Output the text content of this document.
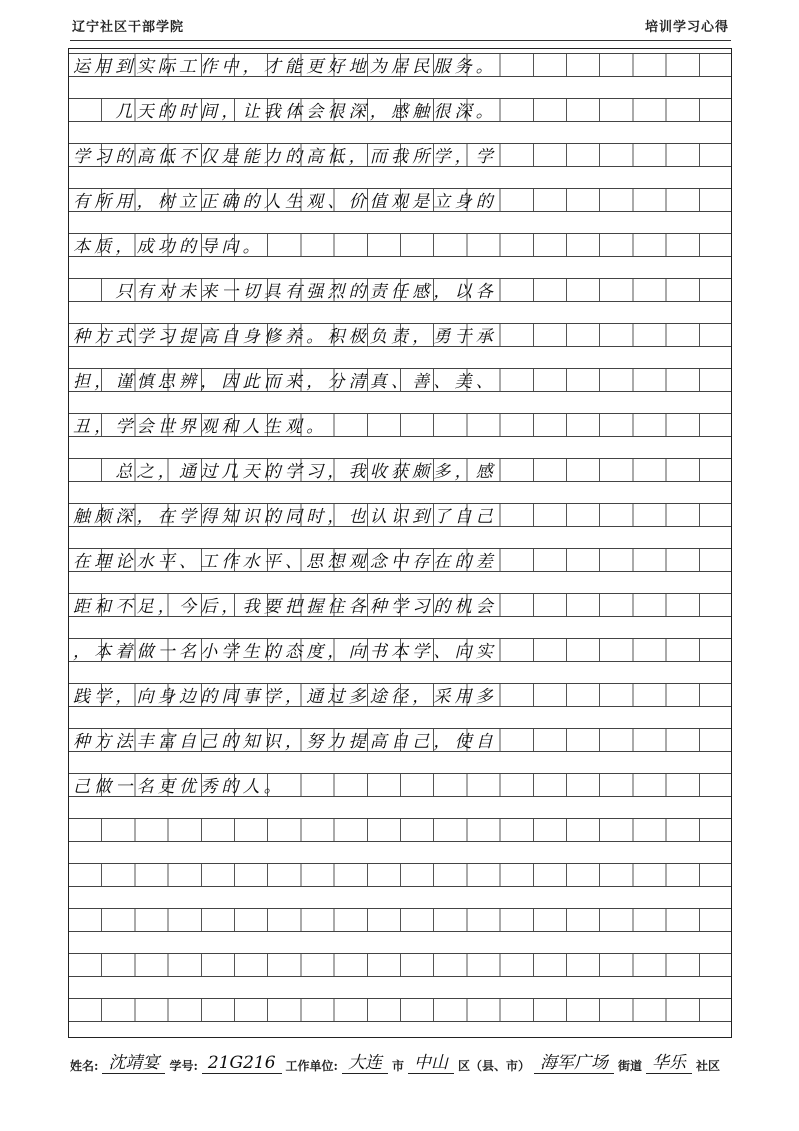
辽宁社区干部学院	培训学习心得
运用到实际工作中，才能更好地为居民服务。
　　几天的时间，让我体会很深，感触很深。
学习的高低不仅是能力的高低，而我所学，学
有所用，树立正确的人生观、价值观是立身的
本质，成功的导向。
　　只有对未来一切具有强烈的责任感，以各
种方式学习提高自身修养。积极负责，勇于承
担，谨慎思辨，因此而来，分清真、善、美、
丑，学会世界观和人生观。
　　总之，通过几天的学习，我收获颇多，感
触颇深，在学得知识的同时，也认识到了自己
在理论水平、工作水平、思想观念中存在的差
距和不足，今后，我要把握住各种学习的机会
，本着做一名小学生的态度，向书本学、向实
践学，向身边的同事学，通过多途径，采用多
种方法丰富自己的知识，努力提高自己，使自
己做一名更优秀的人。
姓名: 沈靖宴 学号: 21G216 工作单位: 大连 市 中山 区（县、市） 海军广场 街道 华乐 社区
